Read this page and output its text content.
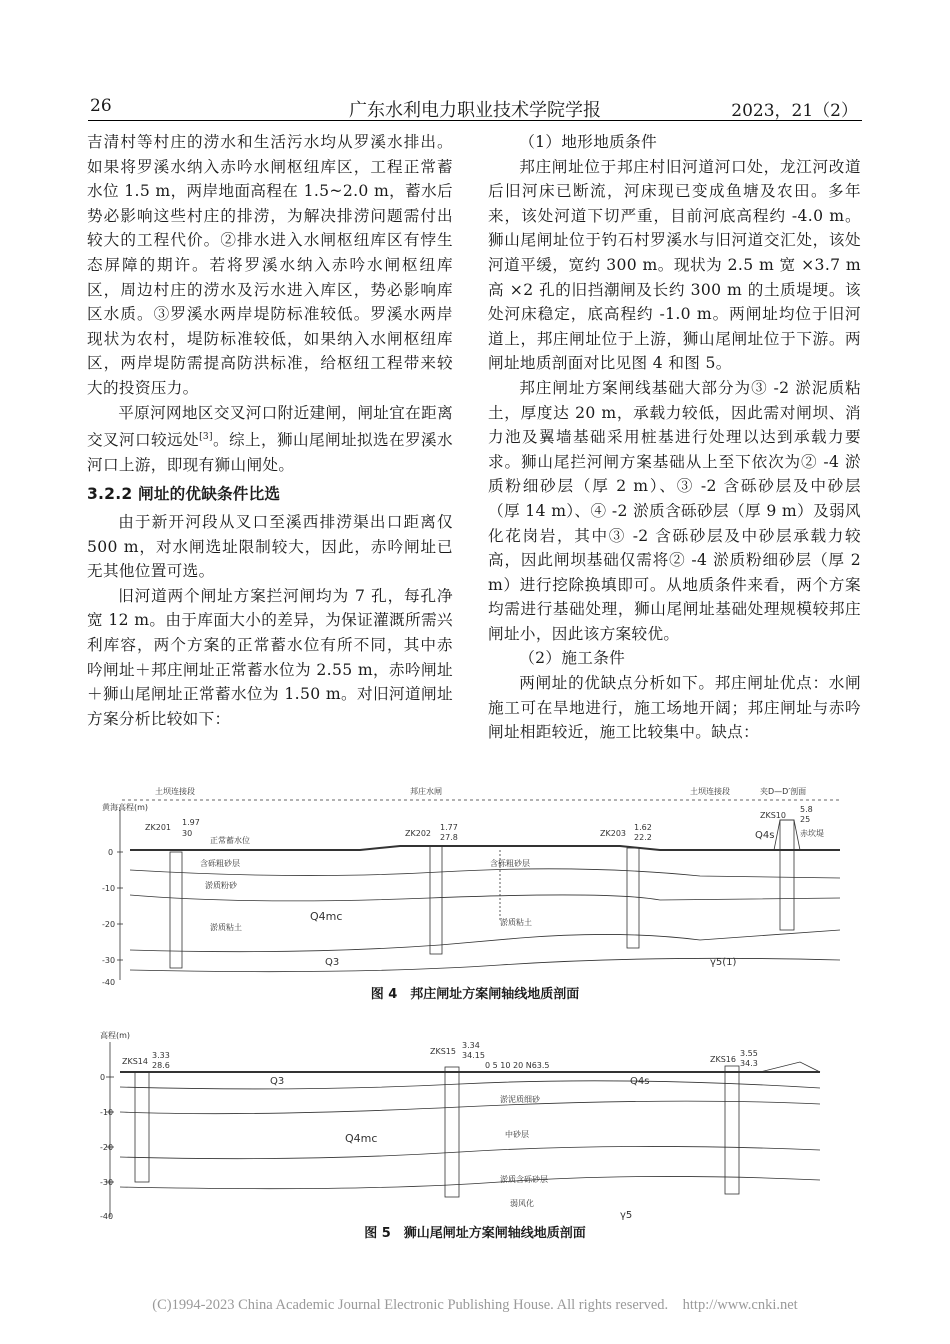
26	广东水利电力职业技术学院学报	2023，21（2）

吉清村等村庄的涝水和生活污水均从罗溪水排出。如果将罗溪水纳入赤吟水闸枢纽库区，工程正常蓄水位 1.5 m，两岸地面高程在 1.5~2.0 m，蓄水后势必影响这些村庄的排涝，为解决排涝问题需付出较大的工程代价。②排水进入水闸枢纽库区有悖生态屏障的期许。若将罗溪水纳入赤吟水闸枢纽库区，周边村庄的涝水及污水进入库区，势必影响库区水质。③罗溪水两岸堤防标准较低。罗溪水两岸现状为农村，堤防标准较低，如果纳入水闸枢纽库区，两岸堤防需提高防洪标准，给枢纽工程带来较大的投资压力。

平原河网地区交叉河口附近建闸，闸址宜在距离交叉河口较远处[3]。综上，狮山尾闸址拟选在罗溪水河口上游，即现有狮山闸处。

3.2.2 闸址的优缺条件比选

由于新开河段从叉口至溪西排涝渠出口距离仅 500 m，对水闸选址限制较大，因此，赤吟闸址已无其他位置可选。

旧河道两个闸址方案拦河闸均为 7 孔，每孔净宽 12 m。由于库面大小的差异，为保证灌溉所需兴利库容，两个方案的正常蓄水位有所不同，其中赤吟闸址＋邦庄闸址正常蓄水位为 2.55 m，赤吟闸址＋狮山尾闸址正常蓄水位为 1.50 m。对旧河道闸址方案分析比较如下：

（1）地形地质条件

邦庄闸址位于邦庄村旧河道河口处，龙江河改道后旧河床已断流，河床现已变成鱼塘及农田。多年来，该处河道下切严重，目前河底高程约 -4.0 m。狮山尾闸址位于钓石村罗溪水与旧河道交汇处，该处河道平缓，宽约 300 m。现状为 2.5 m 宽 ×3.7 m 高 ×2 孔的旧挡潮闸及长约 300 m 的土质堤埂。该处河床稳定，底高程约 -1.0 m。两闸址均位于旧河道上，邦庄闸址位于上游，狮山尾闸址位于下游。两闸址地质剖面对比见图 4 和图 5。

邦庄闸址方案闸线基础大部分为③ -2 淤泥质粘土，厚度达 20 m，承载力较低，因此需对闸坝、消力池及翼墙基础采用桩基进行处理以达到承载力要求。狮山尾拦河闸方案基础从上至下依次为② -4 淤质粉细砂层（厚 2 m）、③ -2 含砾砂层及中砂层（厚 14 m）、④ -2 淤质含砾砂层（厚 9 m）及弱风化花岗岩，其中③ -2 含砾砂层及中砂层承载力较高，因此闸坝基础仅需将② -4 淤质粉细砂层（厚 2 m）进行挖除换填即可。从地质条件来看，两个方案均需进行基础处理，狮山尾闸址基础处理规模较邦庄闸址小，因此该方案较优。

（2）施工条件

两闸址的优缺点分析如下。邦庄闸址优点：水闸施工可在旱地进行，施工场地开阔；邦庄闸址与赤吟闸址相距较近，施工比较集中。缺点：

黄海高程(m)
0
-10
-20
-30
-40
土坝连接段	邦庄水闸	土坝连接段	夹D—D′剖面
ZK201
1.97
30	ZK202
1.77
27.8	ZK203
1.62
22.2
ZKS10
5.8
25
正常蓄水位
含砾粗砂层
淤质粉砂
淤质粘土
含砾粗砂层
淤质粘土
赤坎堤
Q4mc
Q3	γ5(1)
Q4s
图 4　邦庄闸址方案闸轴线地质剖面
高程(m)
0
-10
-20
-30
-40
ZKS14
3.33
28.6
ZKS15
3.34
34.15
0 5 10 20 N63.5
ZKS16
3.55
34.3
淤泥质细砂
中砂层
淤质含砾砂层
弱风化
Q3
Q4mc
Q4s
γ5
图 5　狮山尾闸址方案闸轴线地质剖面
(C)1994-2023 China Academic Journal Electronic Publishing House. All rights reserved.    http://www.cnki.net
